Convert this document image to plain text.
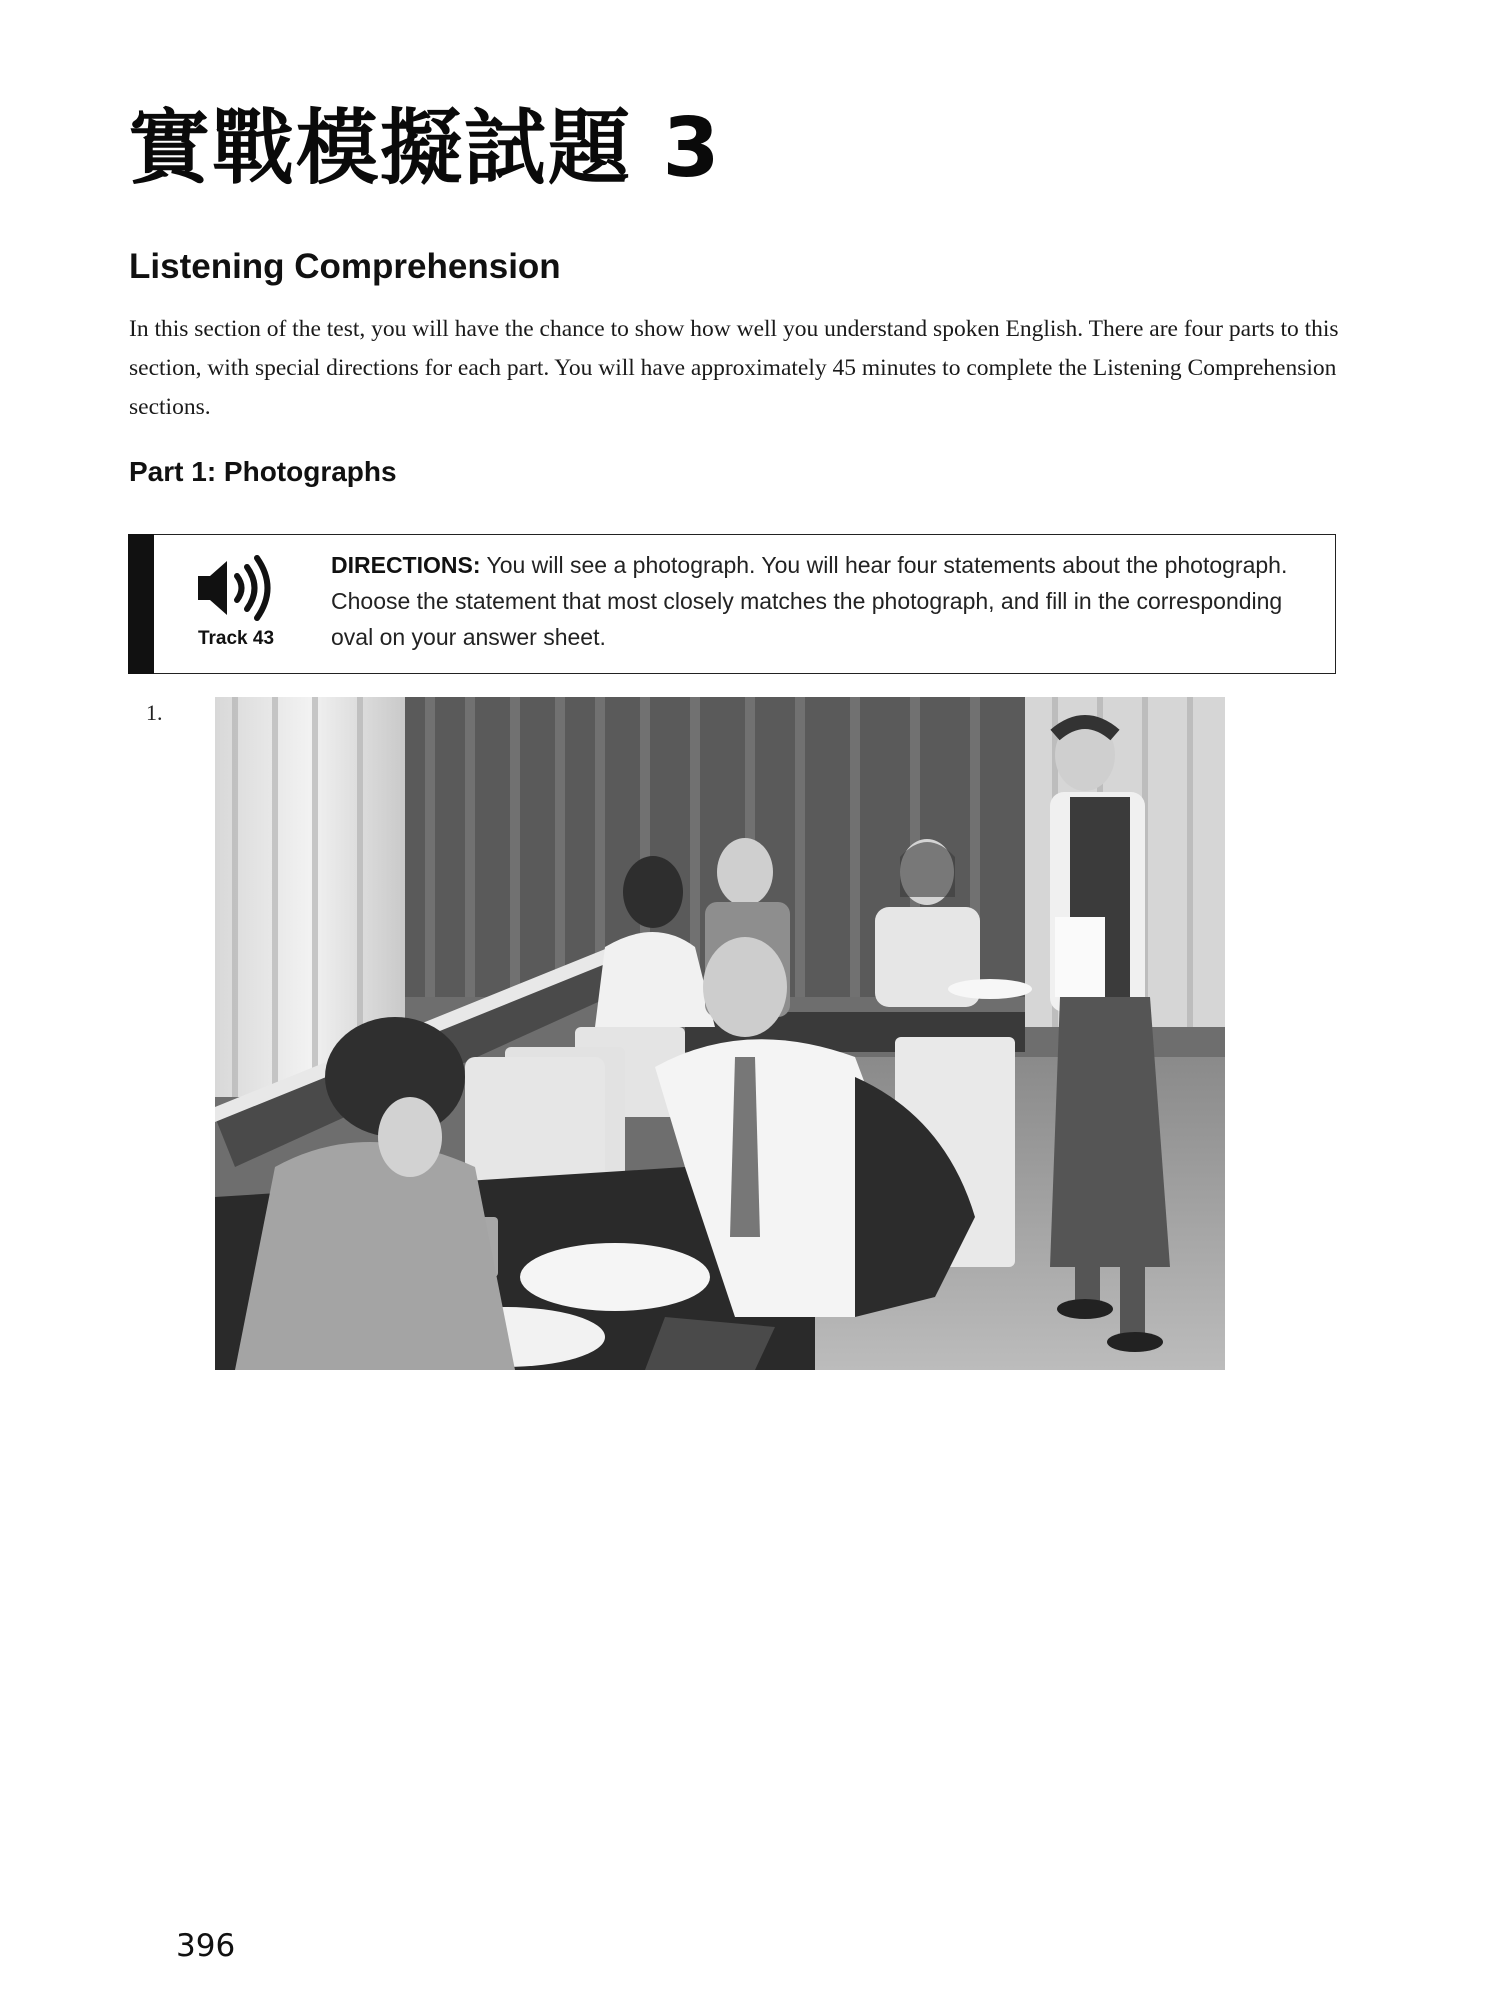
實戰模擬試題 3
Listening Comprehension

In this section of the test, you will have the chance to show how well you understand spoken English. There are four parts to this section, with special directions for each part. You will have approximately 45 minutes to complete the Listening Comprehension sections.

Part 1: Photographs
Track 43

DIRECTIONS: You will see a photograph. You will hear four statements about the photograph. Choose the statement that most closely matches the photograph, and fill in the corresponding oval on your answer sheet.

1.
396
